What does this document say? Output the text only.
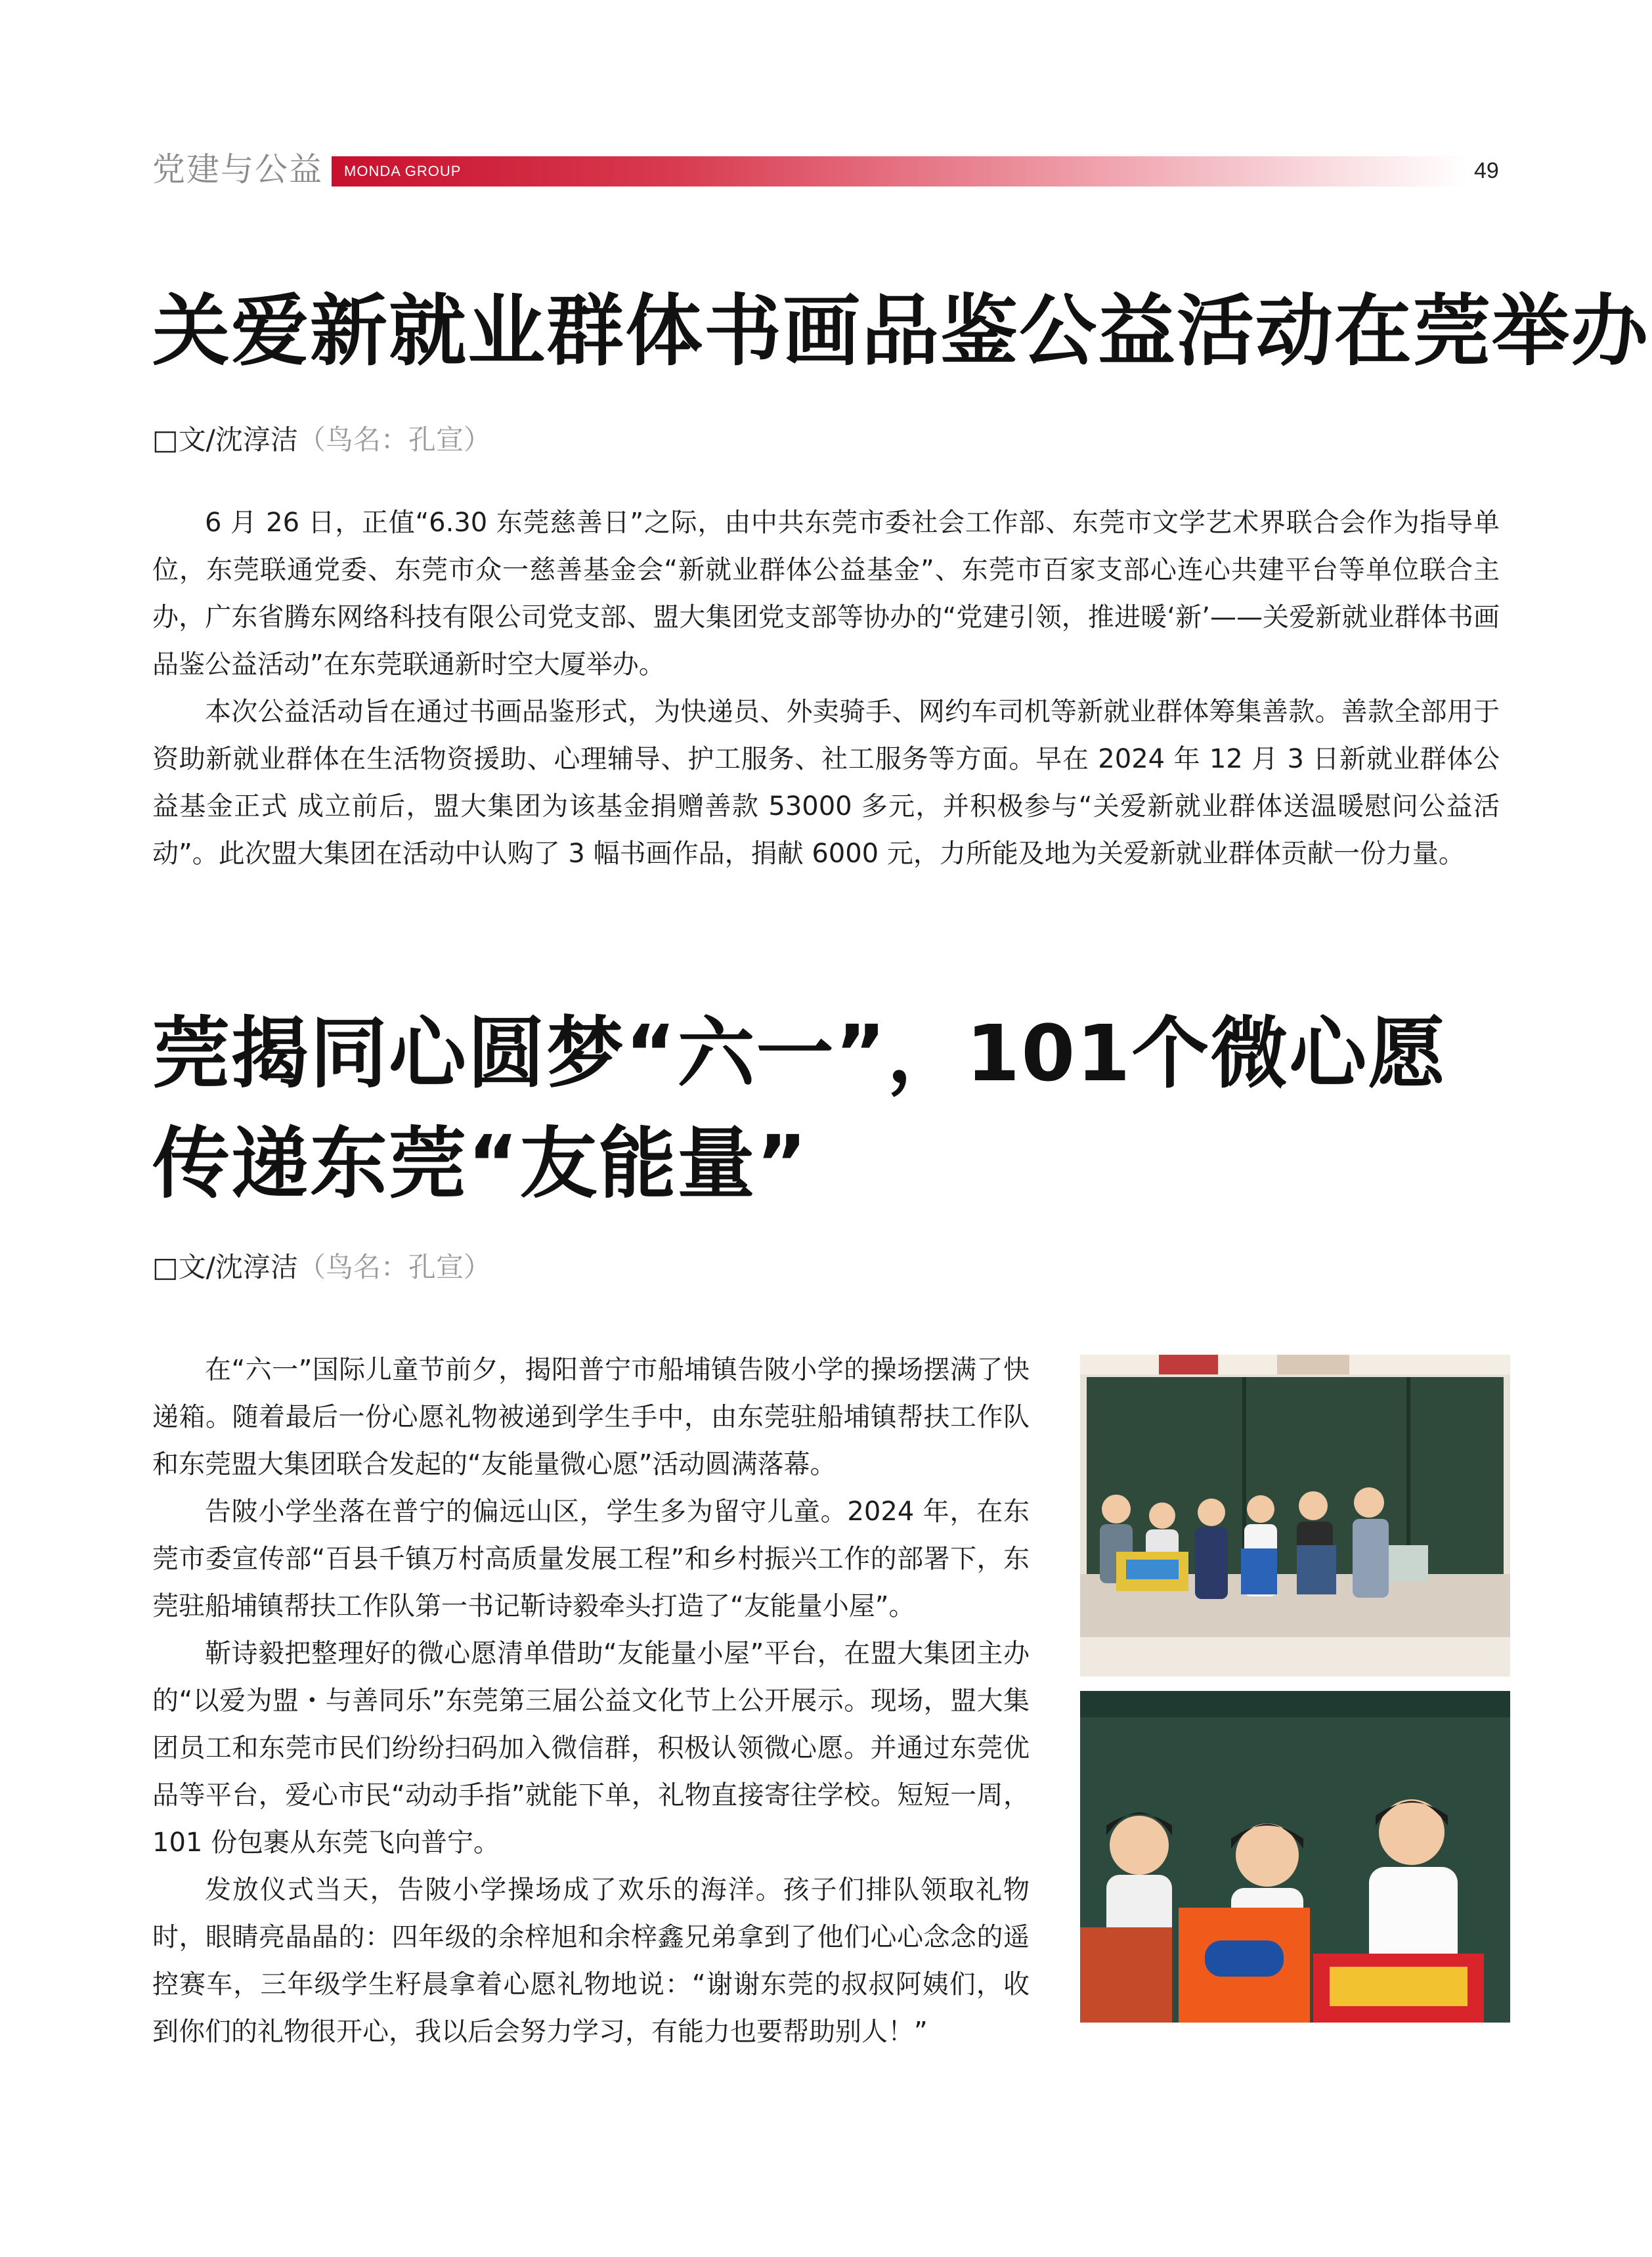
党建与公益 MONDA GROUP	49
关爱新就业群体书画品鉴公益活动在莞举办
□文/沈淳洁（鸟名：孔宣）

6 月 26 日，正值“6.30 东莞慈善日”之际，由中共东莞市委社会工作部、东莞市文学艺术界联合会作为指导单位，东莞联通党委、东莞市众一慈善基金会“新就业群体公益基金”、东莞市百家支部心连心共建平台等单位联合主办，广东省腾东网络科技有限公司党支部、盟大集团党支部等协办的“党建引领，推进暖‘新’——关爱新就业群体书画品鉴公益活动”在东莞联通新时空大厦举办。

本次公益活动旨在通过书画品鉴形式，为快递员、外卖骑手、网约车司机等新就业群体筹集善款。善款全部用于资助新就业群体在生活物资援助、心理辅导、护工服务、社工服务等方面。早在 2024 年 12 月 3 日新就业群体公益基金正式 成立前后，盟大集团为该基金捐赠善款 53000 多元，并积极参与“关爱新就业群体送温暖慰问公益活动”。此次盟大集团在活动中认购了 3 幅书画作品，捐献 6000 元，力所能及地为关爱新就业群体贡献一份力量。

莞揭同心圆梦“六一”，101个微心愿
传递东莞“友能量”
□文/沈淳洁（鸟名：孔宣）

在“六一”国际儿童节前夕，揭阳普宁市船埔镇告陂小学的操场摆满了快递箱。随着最后一份心愿礼物被递到学生手中，由东莞驻船埔镇帮扶工作队和东莞盟大集团联合发起的“友能量微心愿”活动圆满落幕。

告陂小学坐落在普宁的偏远山区，学生多为留守儿童。2024 年，在东莞市委宣传部“百县千镇万村高质量发展工程”和乡村振兴工作的部署下，东莞驻船埔镇帮扶工作队第一书记靳诗毅牵头打造了“友能量小屋”。

靳诗毅把整理好的微心愿清单借助“友能量小屋”平台，在盟大集团主办的“以爱为盟・与善同乐”东莞第三届公益文化节上公开展示。现场，盟大集团员工和东莞市民们纷纷扫码加入微信群，积极认领微心愿。并通过东莞优品等平台，爱心市民“动动手指”就能下单，礼物直接寄往学校。短短一周，101 份包裹从东莞飞向普宁。

发放仪式当天，告陂小学操场成了欢乐的海洋。孩子们排队领取礼物时，眼睛亮晶晶的：四年级的余梓旭和余梓鑫兄弟拿到了他们心心念念的遥控赛车，三年级学生籽晨拿着心愿礼物地说：“谢谢东莞的叔叔阿姨们，收到你们的礼物很开心，我以后会努力学习，有能力也要帮助别人！”
